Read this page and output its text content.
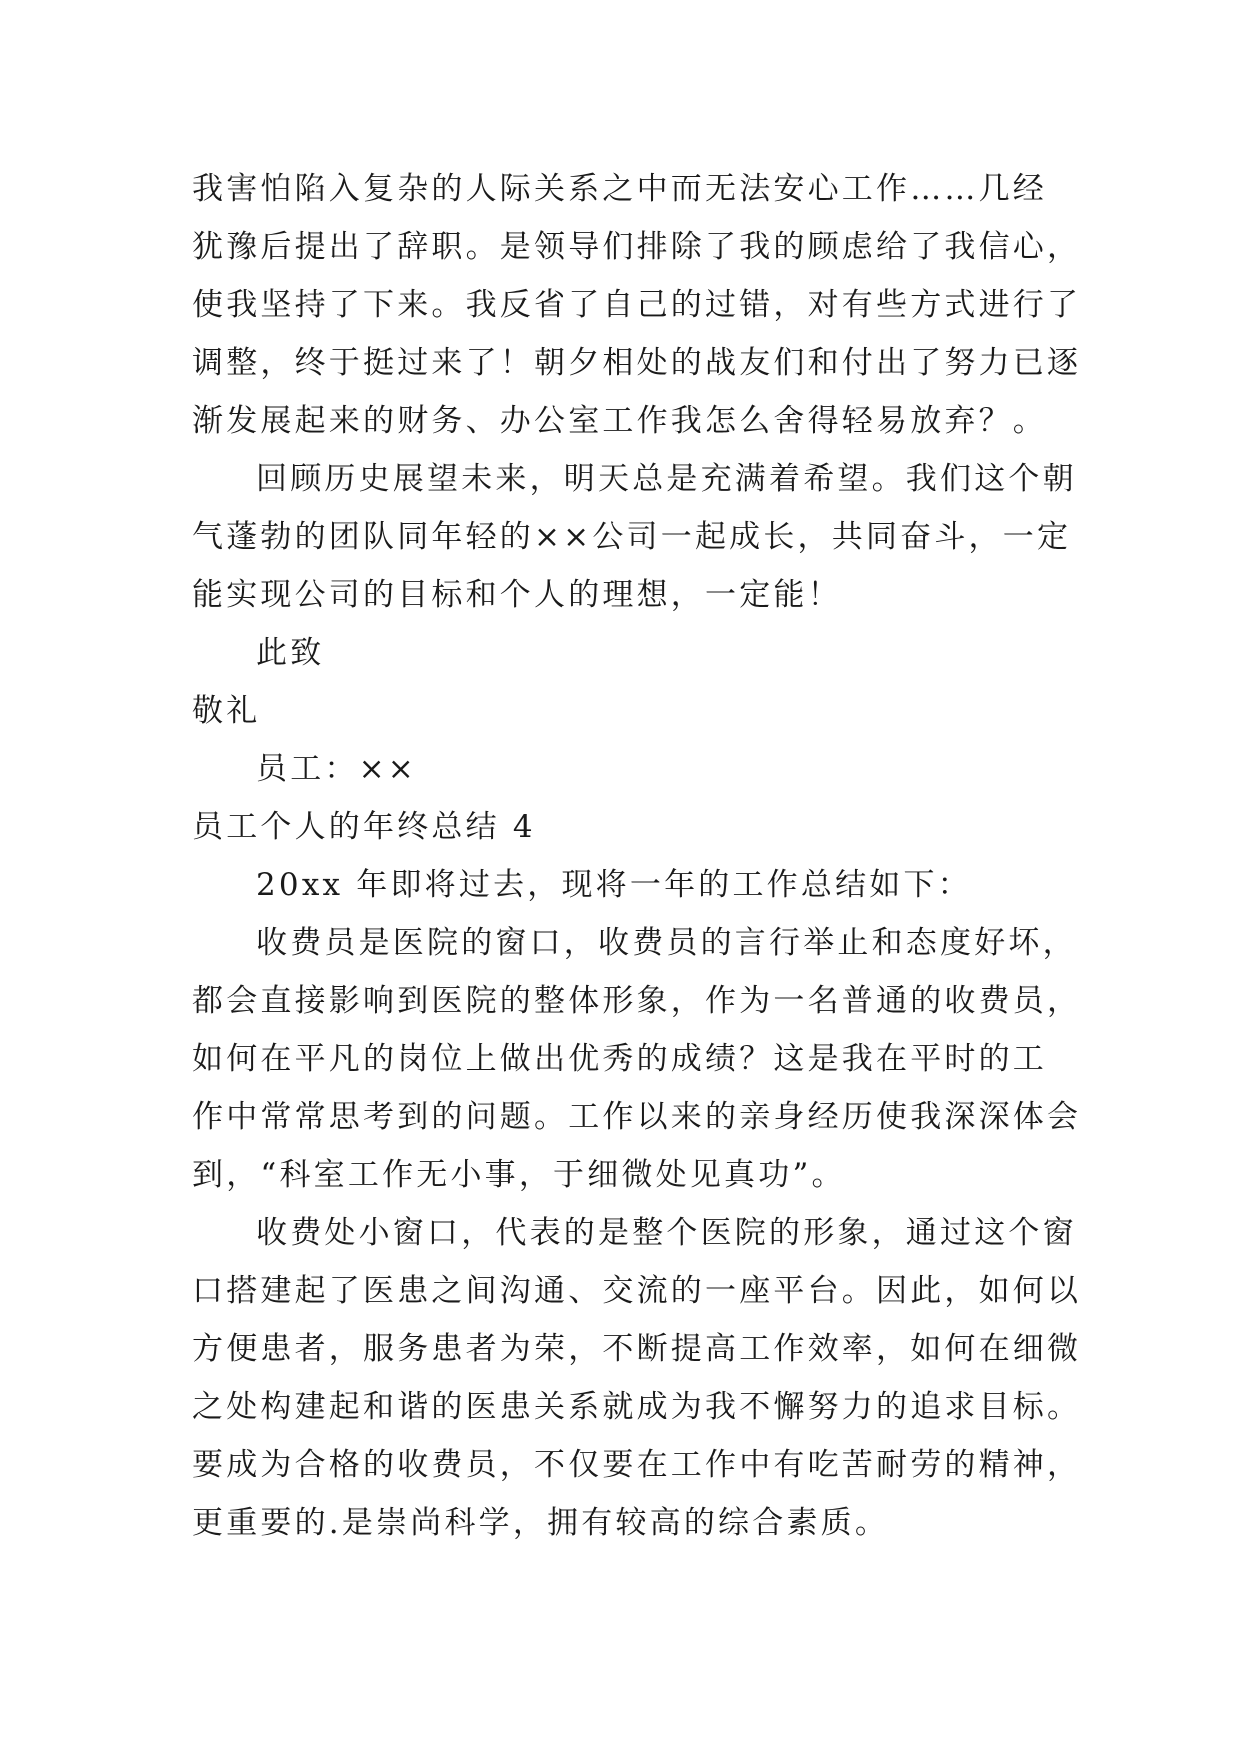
我害怕陷入复杂的人际关系之中而无法安心工作……几经
犹豫后提出了辞职。是领导们排除了我的顾虑给了我信心，
使我坚持了下来。我反省了自己的过错，对有些方式进行了
调整，终于挺过来了！朝夕相处的战友们和付出了努力已逐
渐发展起来的财务、办公室工作我怎么舍得轻易放弃？。
回顾历史展望未来，明天总是充满着希望。我们这个朝
气蓬勃的团队同年轻的××公司一起成长，共同奋斗，一定
能实现公司的目标和个人的理想，一定能！
此致
敬礼
员工：××
员工个人的年终总结 4
20xx 年即将过去，现将一年的工作总结如下：
收费员是医院的窗口，收费员的言行举止和态度好坏，
都会直接影响到医院的整体形象，作为一名普通的收费员，
如何在平凡的岗位上做出优秀的成绩？这是我在平时的工
作中常常思考到的问题。工作以来的亲身经历使我深深体会
到，“科室工作无小事，于细微处见真功”。
收费处小窗口，代表的是整个医院的形象，通过这个窗
口搭建起了医患之间沟通、交流的一座平台。因此，如何以
方便患者，服务患者为荣，不断提高工作效率，如何在细微
之处构建起和谐的医患关系就成为我不懈努力的追求目标。
要成为合格的收费员，不仅要在工作中有吃苦耐劳的精神，
更重要的.是崇尚科学，拥有较高的综合素质。
